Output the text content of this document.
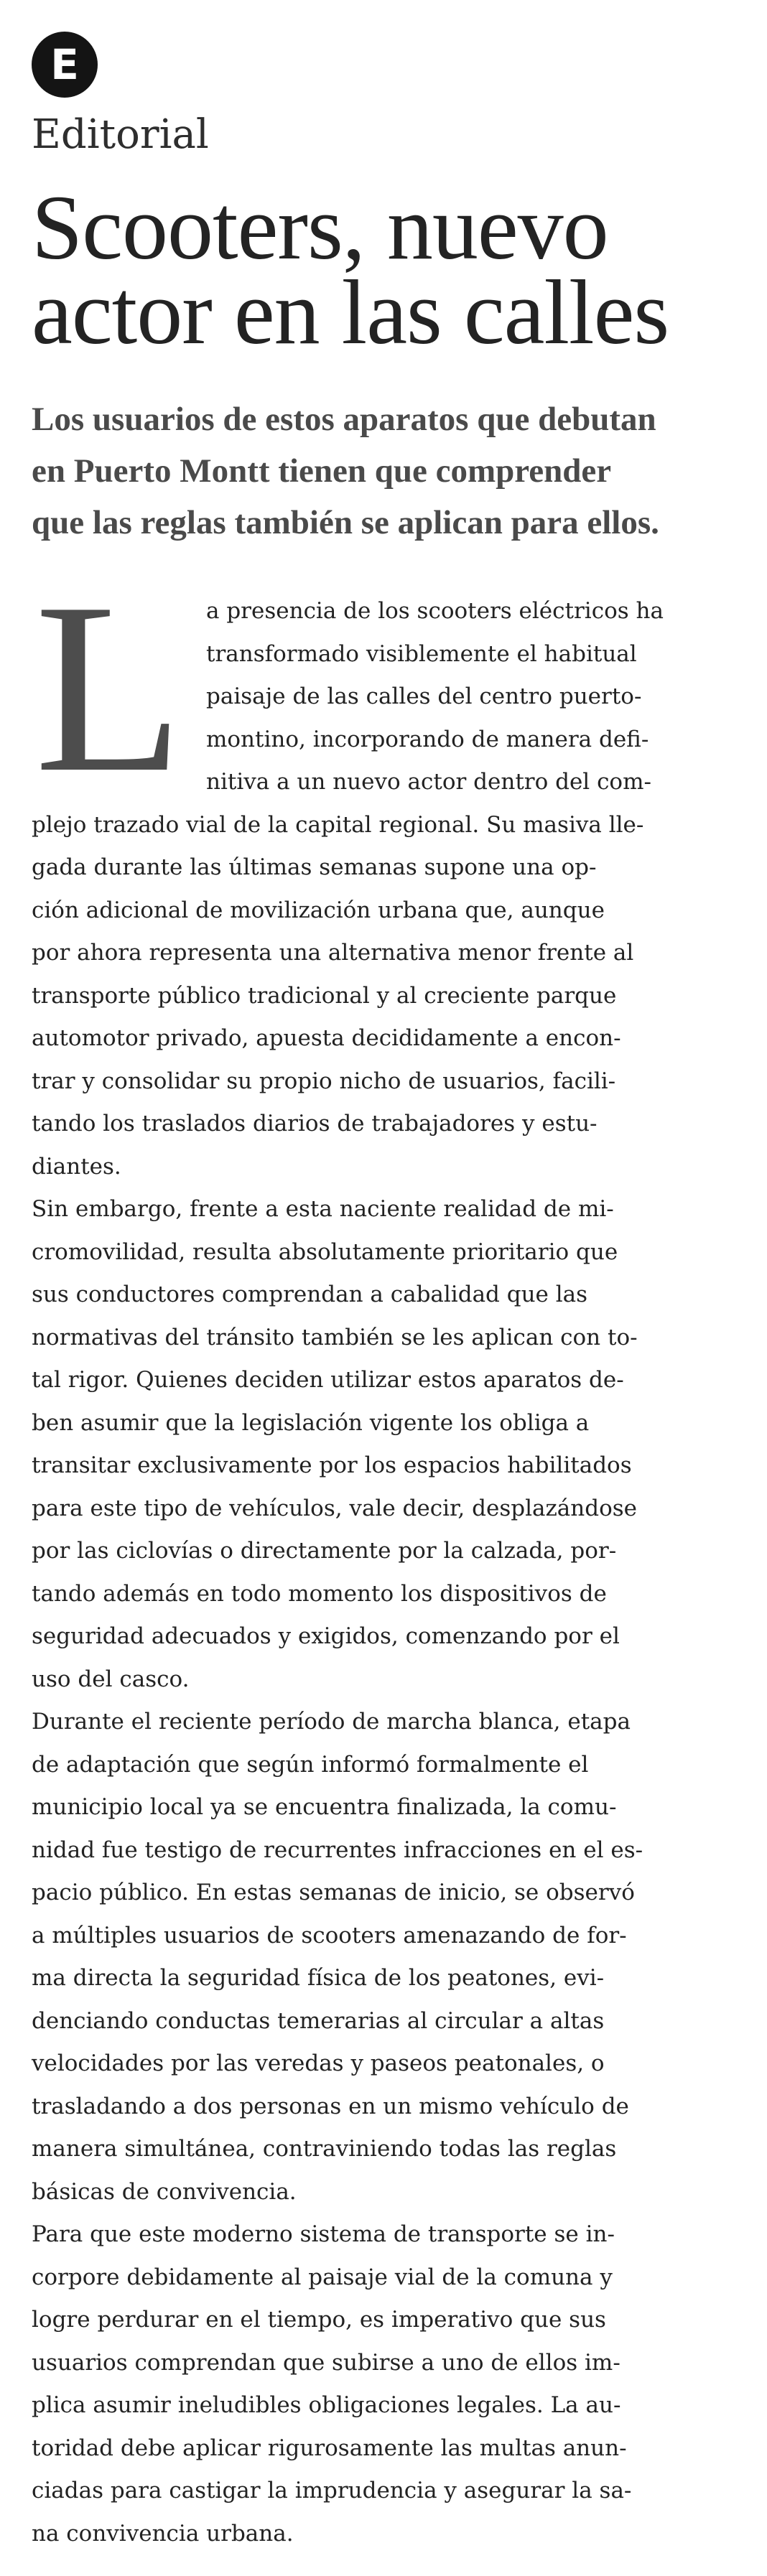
E
Editorial
Scooters, nuevo
actor en las calles
Los usuarios de estos aparatos que debutan
en Puerto Montt tienen que comprender
que las reglas también se aplican para ellos.
L	a presencia de los scooters eléctricos ha
transformado visiblemente el habitual
paisaje de las calles del centro puerto-
montino, incorporando de manera defi-
nitiva a un nuevo actor dentro del com-
plejo trazado vial de la capital regional. Su masiva lle-
gada durante las últimas semanas supone una op-
ción adicional de movilización urbana que, aunque
por ahora representa una alternativa menor frente al
transporte público tradicional y al creciente parque
automotor privado, apuesta decididamente a encon-
trar y consolidar su propio nicho de usuarios, facili-
tando los traslados diarios de trabajadores y estu-
diantes.
Sin embargo, frente a esta naciente realidad de mi-
cromovilidad, resulta absolutamente prioritario que
sus conductores comprendan a cabalidad que las
normativas del tránsito también se les aplican con to-
tal rigor. Quienes deciden utilizar estos aparatos de-
ben asumir que la legislación vigente los obliga a
transitar exclusivamente por los espacios habilitados
para este tipo de vehículos, vale decir, desplazándose
por las ciclovías o directamente por la calzada, por-
tando además en todo momento los dispositivos de
seguridad adecuados y exigidos, comenzando por el
uso del casco.
Durante el reciente período de marcha blanca, etapa
de adaptación que según informó formalmente el
municipio local ya se encuentra finalizada, la comu-
nidad fue testigo de recurrentes infracciones en el es-
pacio público. En estas semanas de inicio, se observó
a múltiples usuarios de scooters amenazando de for-
ma directa la seguridad física de los peatones, evi-
denciando conductas temerarias al circular a altas
velocidades por las veredas y paseos peatonales, o
trasladando a dos personas en un mismo vehículo de
manera simultánea, contraviniendo todas las reglas
básicas de convivencia.
Para que este moderno sistema de transporte se in-
corpore debidamente al paisaje vial de la comuna y
logre perdurar en el tiempo, es imperativo que sus
usuarios comprendan que subirse a uno de ellos im-
plica asumir ineludibles obligaciones legales. La au-
toridad debe aplicar rigurosamente las multas anun-
ciadas para castigar la imprudencia y asegurar la sa-
na convivencia urbana.
